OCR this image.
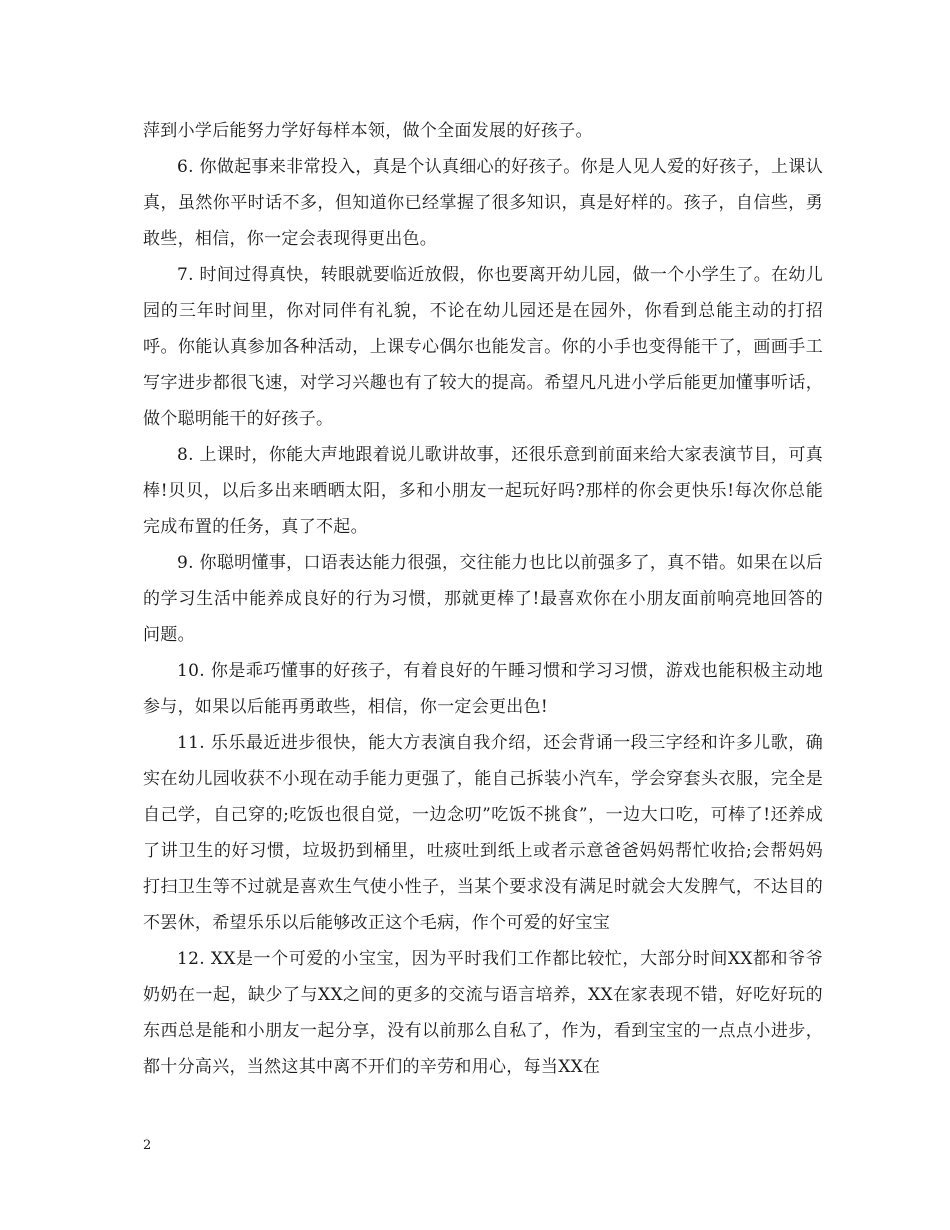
萍到小学后能努力学好每样本领，做个全面发展的好孩子。

6. 你做起事来非常投入，真是个认真细心的好孩子。你是人见人爱的好孩子，上课认真，虽然你平时话不多，但知道你已经掌握了很多知识，真是好样的。孩子，自信些，勇敢些，相信，你一定会表现得更出色。

7. 时间过得真快，转眼就要临近放假，你也要离开幼儿园，做一个小学生了。在幼儿园的三年时间里，你对同伴有礼貌，不论在幼儿园还是在园外，你看到总能主动的打招呼。你能认真参加各种活动，上课专心偶尔也能发言。你的小手也变得能干了，画画手工写字进步都很飞速，对学习兴趣也有了较大的提高。希望凡凡进小学后能更加懂事听话，做个聪明能干的好孩子。

8. 上课时，你能大声地跟着说儿歌讲故事，还很乐意到前面来给大家表演节目，可真棒!贝贝，以后多出来晒晒太阳，多和小朋友一起玩好吗?那样的你会更快乐!每次你总能完成布置的任务，真了不起。

9. 你聪明懂事，口语表达能力很强，交往能力也比以前强多了，真不错。如果在以后的学习生活中能养成良好的行为习惯，那就更棒了!最喜欢你在小朋友面前响亮地回答的问题。

10. 你是乖巧懂事的好孩子，有着良好的午睡习惯和学习习惯，游戏也能积极主动地参与，如果以后能再勇敢些，相信，你一定会更出色!

11. 乐乐最近进步很快，能大方表演自我介绍，还会背诵一段三字经和许多儿歌，确实在幼儿园收获不小现在动手能力更强了，能自己拆装小汽车，学会穿套头衣服，完全是自己学，自己穿的;吃饭也很自觉，一边念叨”吃饭不挑食”，一边大口吃，可棒了!还养成了讲卫生的好习惯，垃圾扔到桶里，吐痰吐到纸上或者示意爸爸妈妈帮忙收拾;会帮妈妈打扫卫生等不过就是喜欢生气使小性子，当某个要求没有满足时就会大发脾气，不达目的不罢休，希望乐乐以后能够改正这个毛病，作个可爱的好宝宝

12. XX是一个可爱的小宝宝，因为平时我们工作都比较忙，大部分时间XX都和爷爷奶奶在一起，缺少了与XX之间的更多的交流与语言培养，XX在家表现不错，好吃好玩的东西总是能和小朋友一起分享，没有以前那么自私了，作为，看到宝宝的一点点小进步，都十分高兴，当然这其中离不开们的辛劳和用心，每当XX在

2
